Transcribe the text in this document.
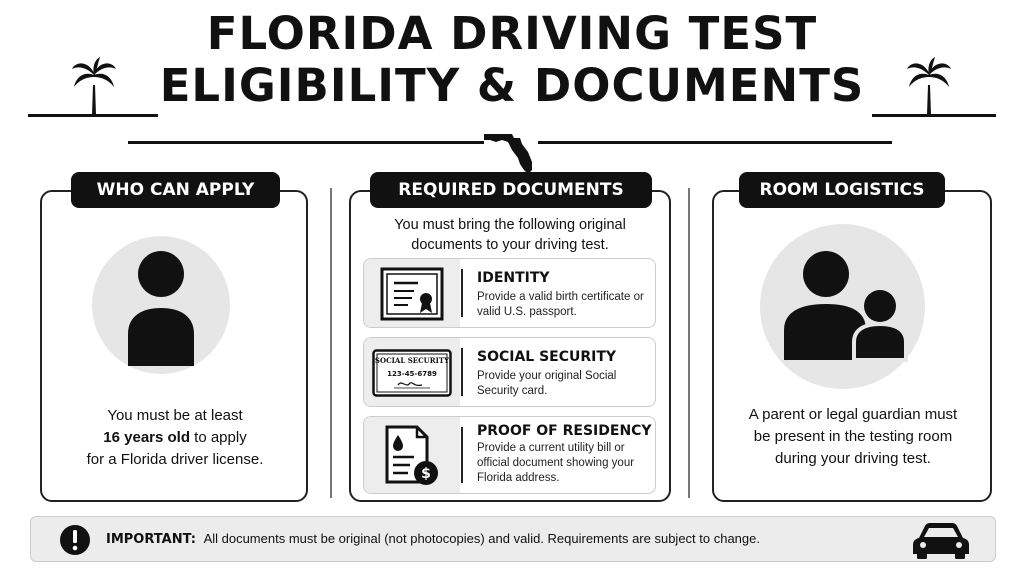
FLORIDA DRIVING TEST
ELIGIBILITY & DOCUMENTS
WHO CAN APPLY
You must be at least
16 years old to apply
for a Florida driver license.
REQUIRED DOCUMENTS
You must bring the following original documents to your driving test.
IDENTITY
Provide a valid birth certificate or valid U.S. passport.
SOCIAL SECURITY
123-45-6789
SOCIAL SECURITY
Provide your original Social Security card.
$
PROOF OF RESIDENCY
Provide a current utility bill or official document showing your Florida address.
ROOM LOGISTICS
A parent or legal guardian must be present in the testing room during your driving test.
IMPORTANT: All documents must be original (not photocopies) and valid. Requirements are subject to change.
